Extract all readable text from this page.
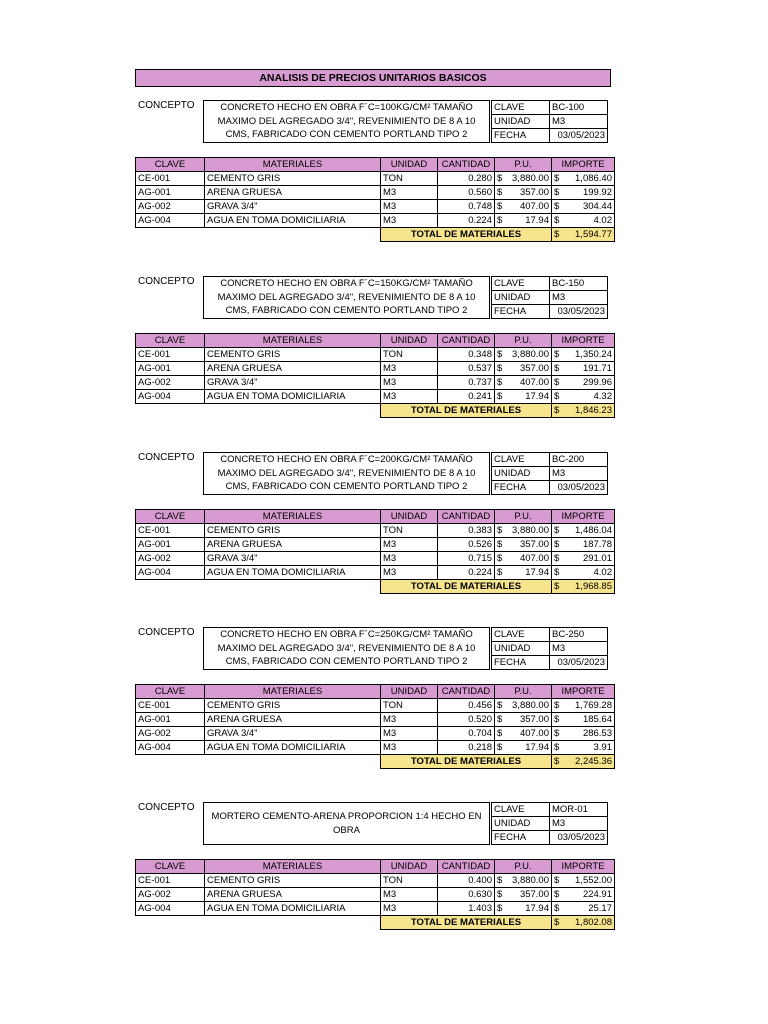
ANALISIS DE PRECIOS UNITARIOS BASICOS
CONCEPTO	CONCRETO HECHO EN OBRA F´C=100KG/CM² TAMAÑO MAXIMO DEL AGREGADO 3/4", REVENIMIENTO DE 8 A 10 CMS, FABRICADO CON CEMENTO PORTLAND TIPO 2
CLAVE	BC-100
UNIDAD	M3
FECHA	03/05/2023
CLAVE	MATERIALES	UNIDAD	CANTIDAD	P.U.	IMPORTE
CE-001	CEMENTO GRIS	TON	0.280	$ 3,880.00	$ 1,086.40

AG-001	ARENA GRUESA	M3	0.560	$ 357.00	$ 199.92

AG-002	GRAVA 3/4"	M3	0.748	$ 407.00	$ 304.44

AG-004	AGUA EN TOMA DOMICILIARIA	M3	0.224	$ 17.94	$ 4.02

		TOTAL DE MATERIALES			$ 1,594.77
CONCEPTO	CONCRETO HECHO EN OBRA F´C=150KG/CM² TAMAÑO MAXIMO DEL AGREGADO 3/4", REVENIMIENTO DE 8 A 10 CMS, FABRICADO CON CEMENTO PORTLAND TIPO 2
CLAVE	BC-150
UNIDAD	M3
FECHA	03/05/2023
CLAVE	MATERIALES	UNIDAD	CANTIDAD	P.U.	IMPORTE
CE-001	CEMENTO GRIS	TON	0.348	$ 3,880.00	$ 1,350.24

AG-001	ARENA GRUESA	M3	0.537	$ 357.00	$ 191.71

AG-002	GRAVA 3/4"	M3	0.737	$ 407.00	$ 299.96

AG-004	AGUA EN TOMA DOMICILIARIA	M3	0.241	$ 17.94	$ 4.32

		TOTAL DE MATERIALES			$ 1,846.23
CONCEPTO	CONCRETO HECHO EN OBRA F´C=200KG/CM² TAMAÑO MAXIMO DEL AGREGADO 3/4", REVENIMIENTO DE 8 A 10 CMS, FABRICADO CON CEMENTO PORTLAND TIPO 2
CLAVE	BC-200
UNIDAD	M3
FECHA	03/05/2023
CLAVE	MATERIALES	UNIDAD	CANTIDAD	P.U.	IMPORTE
CE-001	CEMENTO GRIS	TON	0.383	$ 3,880.00	$ 1,486.04

AG-001	ARENA GRUESA	M3	0.526	$ 357.00	$ 187.78

AG-002	GRAVA 3/4"	M3	0.715	$ 407.00	$ 291.01

AG-004	AGUA EN TOMA DOMICILIARIA	M3	0.224	$ 17.94	$ 4.02

		TOTAL DE MATERIALES			$ 1,968.85
CONCEPTO	CONCRETO HECHO EN OBRA F´C=250KG/CM² TAMAÑO MAXIMO DEL AGREGADO 3/4", REVENIMIENTO DE 8 A 10 CMS, FABRICADO CON CEMENTO PORTLAND TIPO 2
CLAVE	BC-250
UNIDAD	M3
FECHA	03/05/2023
CLAVE	MATERIALES	UNIDAD	CANTIDAD	P.U.	IMPORTE
CE-001	CEMENTO GRIS	TON	0.456	$ 3,880.00	$ 1,769.28

AG-001	ARENA GRUESA	M3	0.520	$ 357.00	$ 185.64

AG-002	GRAVA 3/4"	M3	0.704	$ 407.00	$ 286.53

AG-004	AGUA EN TOMA DOMICILIARIA	M3	0.218	$ 17.94	$ 3.91

		TOTAL DE MATERIALES			$ 2,245.36
CONCEPTO
MORTERO CEMENTO-ARENA PROPORCION 1:4 HECHO EN OBRA
CLAVE	MOR-01
UNIDAD	M3
FECHA	03/05/2023
CLAVE	MATERIALES	UNIDAD	CANTIDAD	P.U.	IMPORTE
CE-001	CEMENTO GRIS	TON	0.400	$ 3,880.00	$ 1,552.00

AG-002	ARENA GRUESA	M3	0.630	$ 357.00	$ 224.91

AG-004	AGUA EN TOMA DOMICILIARIA	M3	1.403	$ 17.94	$ 25.17

		TOTAL DE MATERIALES			$ 1,802.08
